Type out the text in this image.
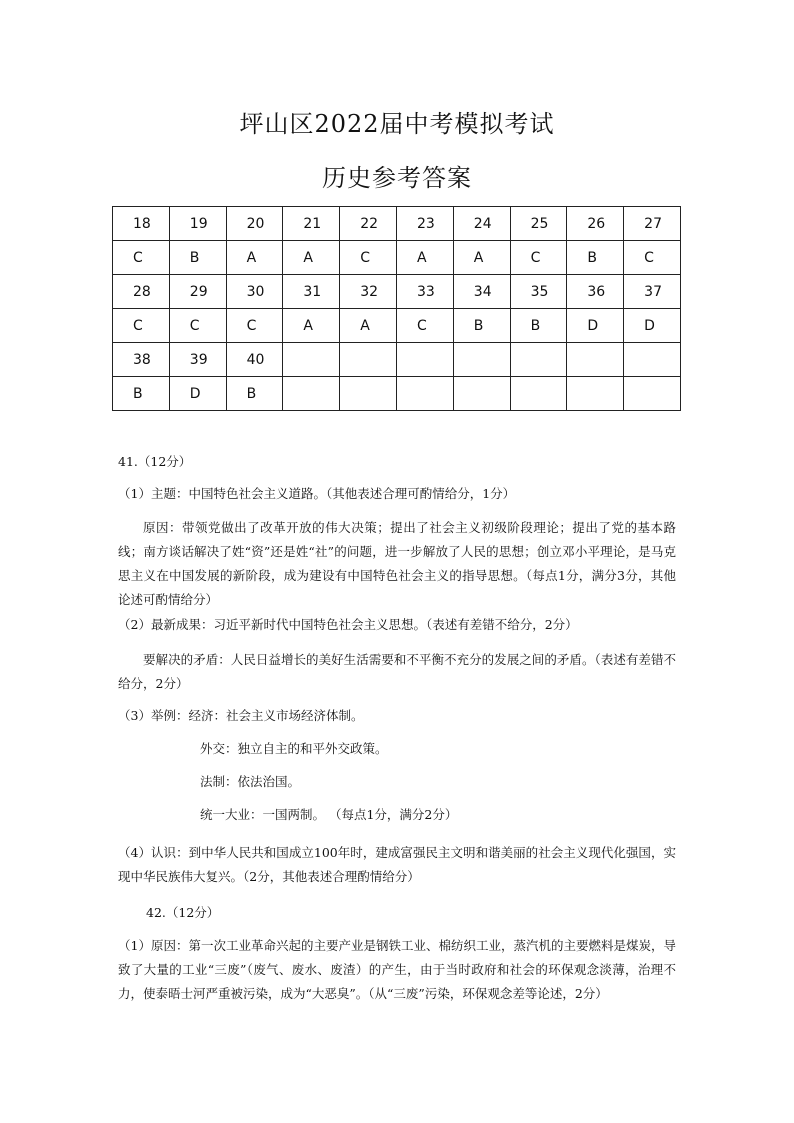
坪山区2022届中考模拟考试
历史参考答案
18	19	20	21	22	23	24	25	26	27
C	B	A	A	C	A	A	C	B	C
28	29	30	31	32	33	34	35	36	37
C	C	C	A	A	C	B	B	D	D
38	39	40							
B	D	B							

41.（12分）

（1）主题：中国特色社会主义道路。（其他表述合理可酌情给分，1分）

原因：带领党做出了改革开放的伟大决策；提出了社会主义初级阶段理论；提出了党的基本路线；南方谈话解决了姓“资”还是姓“社”的问题，进一步解放了人民的思想；创立邓小平理论，是马克思主义在中国发展的新阶段，成为建设有中国特色社会主义的指导思想。（每点1分，满分3分，其他论述可酌情给分）

（2）最新成果：习近平新时代中国特色社会主义思想。（表述有差错不给分，2分）

要解决的矛盾：人民日益增长的美好生活需要和不平衡不充分的发展之间的矛盾。（表述有差错不给分，2分）

（3）举例：经济：社会主义市场经济体制。

外交：独立自主的和平外交政策。

法制：依法治国。

统一大业：一国两制。 （每点1分，满分2分）

（4）认识：到中华人民共和国成立100年时，建成富强民主文明和谐美丽的社会主义现代化强国，实现中华民族伟大复兴。（2分，其他表述合理酌情给分）

42.（12分）

（1）原因：第一次工业革命兴起的主要产业是钢铁工业、棉纺织工业，蒸汽机的主要燃料是煤炭，导致了大量的工业“三废”（废气、废水、废渣）的产生，由于当时政府和社会的环保观念淡薄，治理不力，使泰晤士河严重被污染，成为“大恶臭”。（从“三废”污染，环保观念差等论述，2分）
